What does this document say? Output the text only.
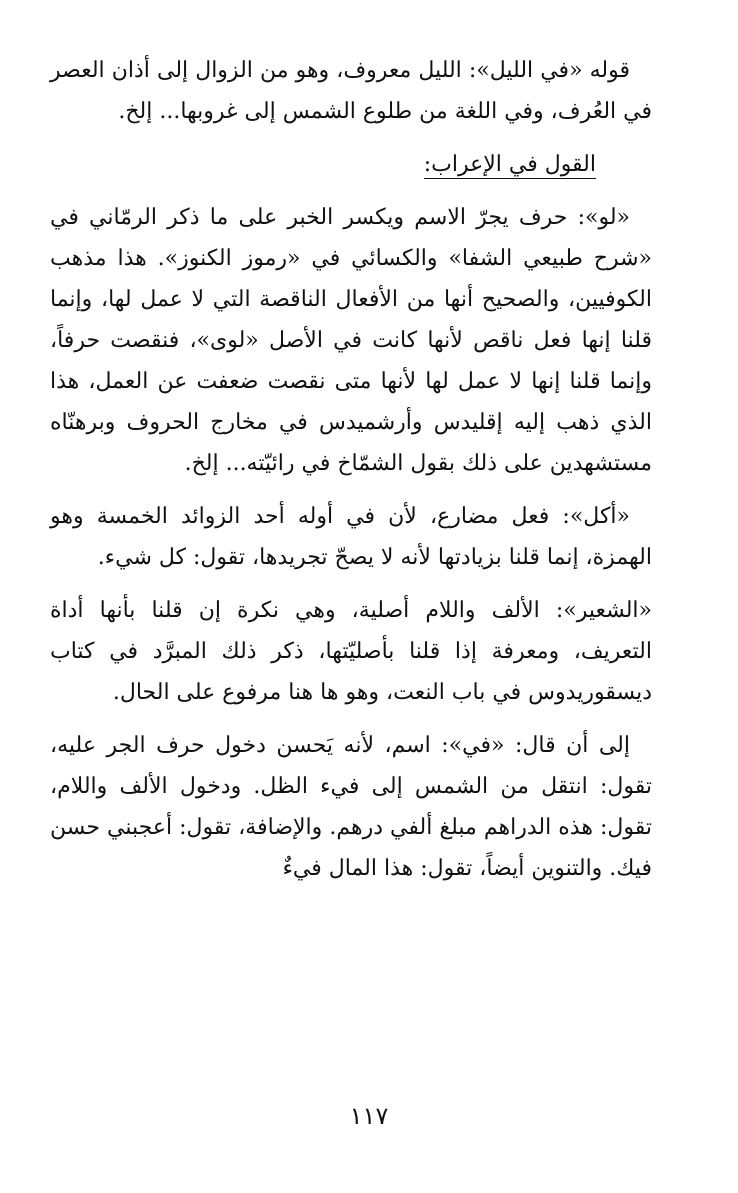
قوله «في الليل»: الليل معروف، وهو من الزوال إلى أذان العصر في العُرف، وفي اللغة من طلوع الشمس إلى غروبها... إلخ.

القول في الإعراب:

«لو»: حرف يجرّ الاسم ويكسر الخبر على ما ذكر الرمّاني في «شرح طبيعي الشفا» والكسائي في «رموز الكنوز». هذا مذهب الكوفيين، والصحيح أنها من الأفعال الناقصة التي لا عمل لها، وإنما قلنا إنها فعل ناقص لأنها كانت في الأصل «لوى»، فنقصت حرفاً، وإنما قلنا إنها لا عمل لها لأنها متى نقصت ضعفت عن العمل، هذا الذي ذهب إليه إقليدس وأرشميدس في مخارج الحروف وبرهنّاه مستشهدين على ذلك بقول الشمّاخ في رائيّته... إلخ.

«أكل»: فعل مضارع، لأن في أوله أحد الزوائد الخمسة وهو الهمزة، إنما قلنا بزيادتها لأنه لا يصحّ تجريدها، تقول: كل شيء.

«الشعير»: الألف واللام أصلية، وهي نكرة إن قلنا بأنها أداة التعريف، ومعرفة إذا قلنا بأصليّتها، ذكر ذلك المبرَّد في كتاب ديسقوريدوس في باب النعت، وهو ها هنا مرفوع على الحال.

إلى أن قال: «في»: اسم، لأنه يَحسن دخول حرف الجر عليه، تقول: انتقل من الشمس إلى فيء الظل. ودخول الألف واللام، تقول: هذه الدراهم مبلغ ألفي درهم. والإضافة، تقول: أعجبني حسن فيك. والتنوين أيضاً، تقول: هذا المال فيءٌ

١١٧
